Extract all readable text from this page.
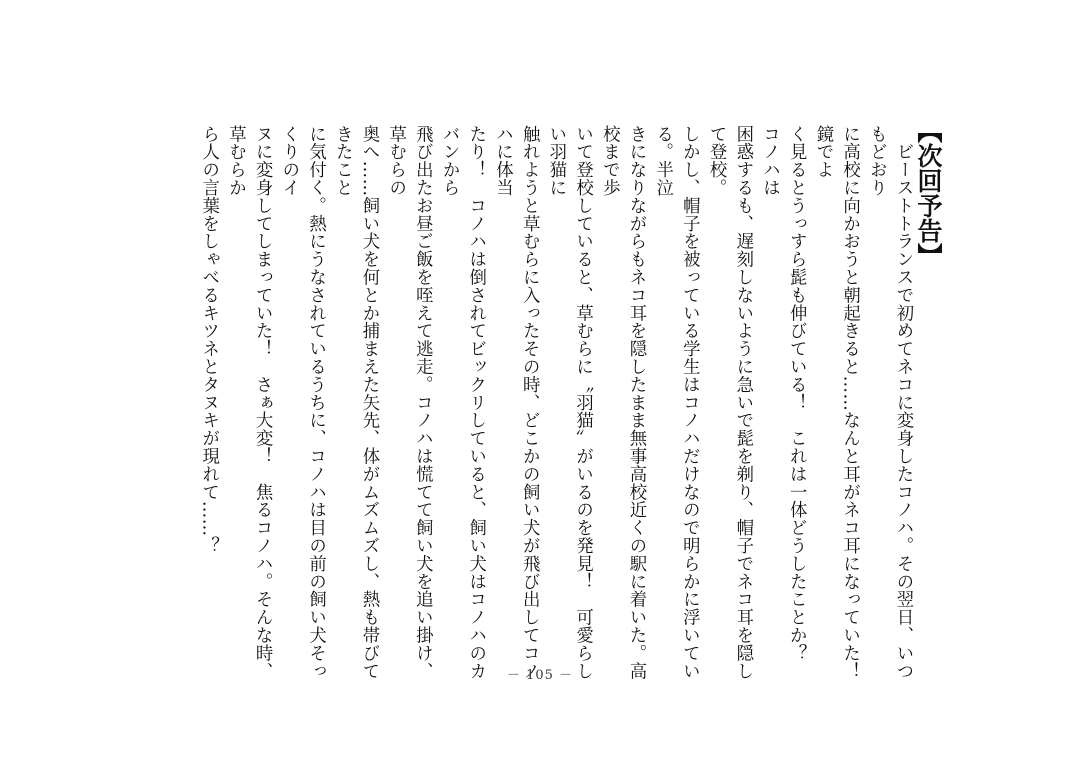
【次回予告】
　ビーストトランスで初めてネコに変身したコノハ。その翌日、いつもどおり
に高校に向かおうと朝起きると……なんと耳がネコ耳になっていた！　鏡でよ
く見るとうっすら髭も伸びている！　これは一体どうしたことか？　コノハは
困惑するも、遅刻しないように急いで髭を剃り、帽子でネコ耳を隠して登校。
しかし、帽子を被っている学生はコノハだけなので明らかに浮いている。半泣
きになりながらもネコ耳を隠したまま無事高校近くの駅に着いた。高校まで歩
いて登校していると、草むらに〝羽猫〟がいるのを発見！　可愛らしい羽猫に
触れようと草むらに入ったその時、どこかの飼い犬が飛び出してコノハに体当
たり！　コノハは倒されてビックリしていると、飼い犬はコノハのカバンから
飛び出たお昼ご飯を咥えて逃走。コノハは慌てて飼い犬を追い掛け、草むらの
奥へ……飼い犬を何とか捕まえた矢先、体がムズムズし、熱も帯びてきたこと
に気付く。熱にうなされているうちに、コノハは目の前の飼い犬そっくりのイ
ヌに変身してしまっていた！　さぁ大変！　焦るコノハ。そんな時、草むらか
ら人の言葉をしゃべるキツネとタヌキが現れて……？
－ 105 －
